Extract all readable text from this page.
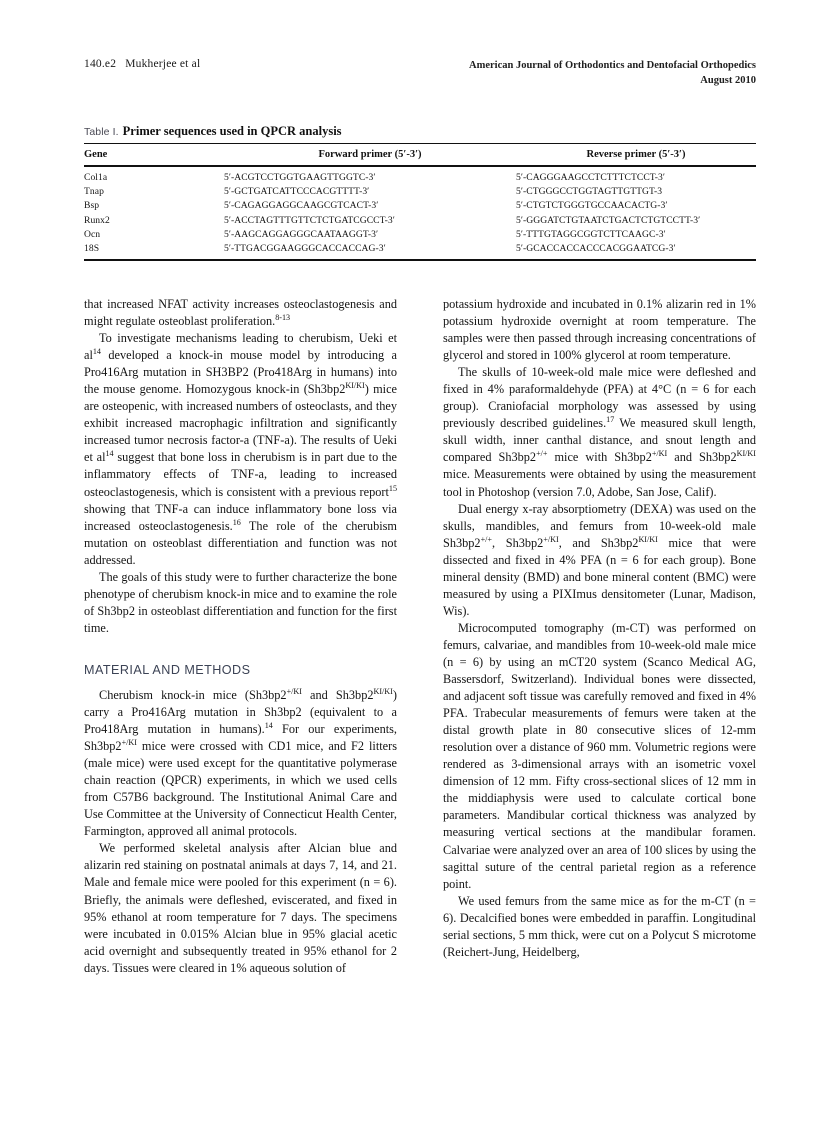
140.e2 Mukherjee et al	American Journal of Orthodontics and Dentofacial Orthopedics
August 2010
Table I. Primer sequences used in QPCR analysis
Gene	Forward primer (5′-3′)	Reverse primer (5′-3′)
Col1a	5′-ACGTCCTGGTGAAGTTGGTC-3′	5′-CAGGGAAGCCTCTTTCTCCT-3′
Tnap	5′-GCTGATCATTCCCACGTTTT-3′	5′-CTGGGCCTGGTAGTTGTTGT-3
Bsp	5′-CAGAGGAGGCAAGCGTCACT-3′	5′-CTGTCTGGGTGCCAACACTG-3′
Runx2	5′-ACCTAGTTTGTTCTCTGATCGCCT-3′	5′-GGGATCTGTAATCTGACTCTGTCCTT-3′
Ocn	5′-AAGCAGGAGGGCAATAAGGT-3′	5′-TTTGTAGGCGGTCTTCAAGC-3′
18S	5′-TTGACGGAAGGGCACCACCAG-3′	5′-GCACCACCACCCACGGAATCG-3′

that increased NFAT activity increases osteoclastogenesis and might regulate osteoblast proliferation.$^{8-13}$

To investigate mechanisms leading to cherubism, Ueki et $al^{14}$ developed a knock-in mouse model by introducing a Pro416Arg mutation in SH3BP2 (Pro418Arg in humans) into the mouse genome. Homozygous knock-in $(Sh3bp2^{KI/KI})$ mice are osteopenic, with increased numbers of osteoclasts, and they exhibit increased macrophagic infiltration and significantly increased tumor necrosis factor-a (TNF-a). The results of Ueki et $al^{14}$ suggest that bone loss in cherubism is in part due to the inflammatory effects of TNF-a, leading to increased osteoclastogenesis, which is consistent with a previous report$^{15}$ showing that TNF-a can induce inflammatory bone loss via increased osteoclastogenesis.$^{16}$ The role of the cherubism mutation on osteoblast differentiation and function was not addressed.

The goals of this study were to further characterize the bone phenotype of cherubism knock-in mice and to examine the role of Sh3bp2 in osteoblast differentiation and function for the first time.

MATERIAL AND METHODS

Cherubism knock-in mice ($Sh3bp2^{+/KI}$ and $Sh3bp2^{KI/KI}$) carry a Pro416Arg mutation in Sh3bp2 (equivalent to a Pro418Arg mutation in humans).$^{14}$ For our experiments, $Sh3bp2^{+/KI}$ mice were crossed with CD1 mice, and F2 litters (male mice) were used except for the quantitative polymerase chain reaction (QPCR) experiments, in which we used cells from C57B6 background. The Institutional Animal Care and Use Committee at the University of Connecticut Health Center, Farmington, approved all animal protocols.

We performed skeletal analysis after Alcian blue and alizarin red staining on postnatal animals at days 7, 14, and 21. Male and female mice were pooled for this experiment (n = 6). Briefly, the animals were defleshed, eviscerated, and fixed in 95% ethanol at room temperature for 7 days. The specimens were incubated in 0.015% Alcian blue in 95% glacial acetic acid overnight and subsequently treated in 95% ethanol for 2 days. Tissues were cleared in 1% aqueous solution of

potassium hydroxide and incubated in 0.1% alizarin red in 1% potassium hydroxide overnight at room temperature. The samples were then passed through increasing concentrations of glycerol and stored in 100% glycerol at room temperature.

The skulls of 10-week-old male mice were defleshed and fixed in 4% paraformaldehyde (PFA) at 4°C (n = 6 for each group). Craniofacial morphology was assessed by using previously described guidelines.$^{17}$ We measured skull length, skull width, inner canthal distance, and snout length and compared Sh3bp2+/+ mice with $Sh3bp2^{+/KI}$ and $Sh3bp2^{KI/KI}$ mice. Measurements were obtained by using the measurement tool in Photoshop (version 7.0, Adobe, San Jose, Calif).

Dual energy x-ray absorptiometry (DEXA) was used on the skulls, mandibles, and femurs from 10-week-old male Sh3bp2+/+, $Sh3bp2^{+/KI}$, and $Sh3bp2^{KI/KI}$ mice that were dissected and fixed in 4% PFA (n = 6 for each group). Bone mineral density (BMD) and bone mineral content (BMC) were measured by using a PIXImus densitometer (Lunar, Madison, Wis).

Microcomputed tomography (m-CT) was performed on femurs, calvariae, and mandibles from 10-week-old male mice (n = 6) by using an mCT20 system (Scanco Medical AG, Bassersdorf, Switzerland). Individual bones were dissected, and adjacent soft tissue was carefully removed and fixed in 4% PFA. Trabecular measurements of femurs were taken at the distal growth plate in 80 consecutive slices of 12-mm resolution over a distance of 960 mm. Volumetric regions were rendered as 3-dimensional arrays with an isometric voxel dimension of 12 mm. Fifty cross-sectional slices of 12 mm in the middiaphysis were used to calculate cortical bone parameters. Mandibular cortical thickness was analyzed by measuring vertical sections at the mandibular foramen. Calvariae were analyzed over an area of 100 slices by using the sagittal suture of the central parietal region as a reference point.

We used femurs from the same mice as for the m-CT (n = 6). Decalcified bones were embedded in paraffin. Longitudinal serial sections, 5 mm thick, were cut on a Polycut S microtome (Reichert-Jung, Heidelberg,
